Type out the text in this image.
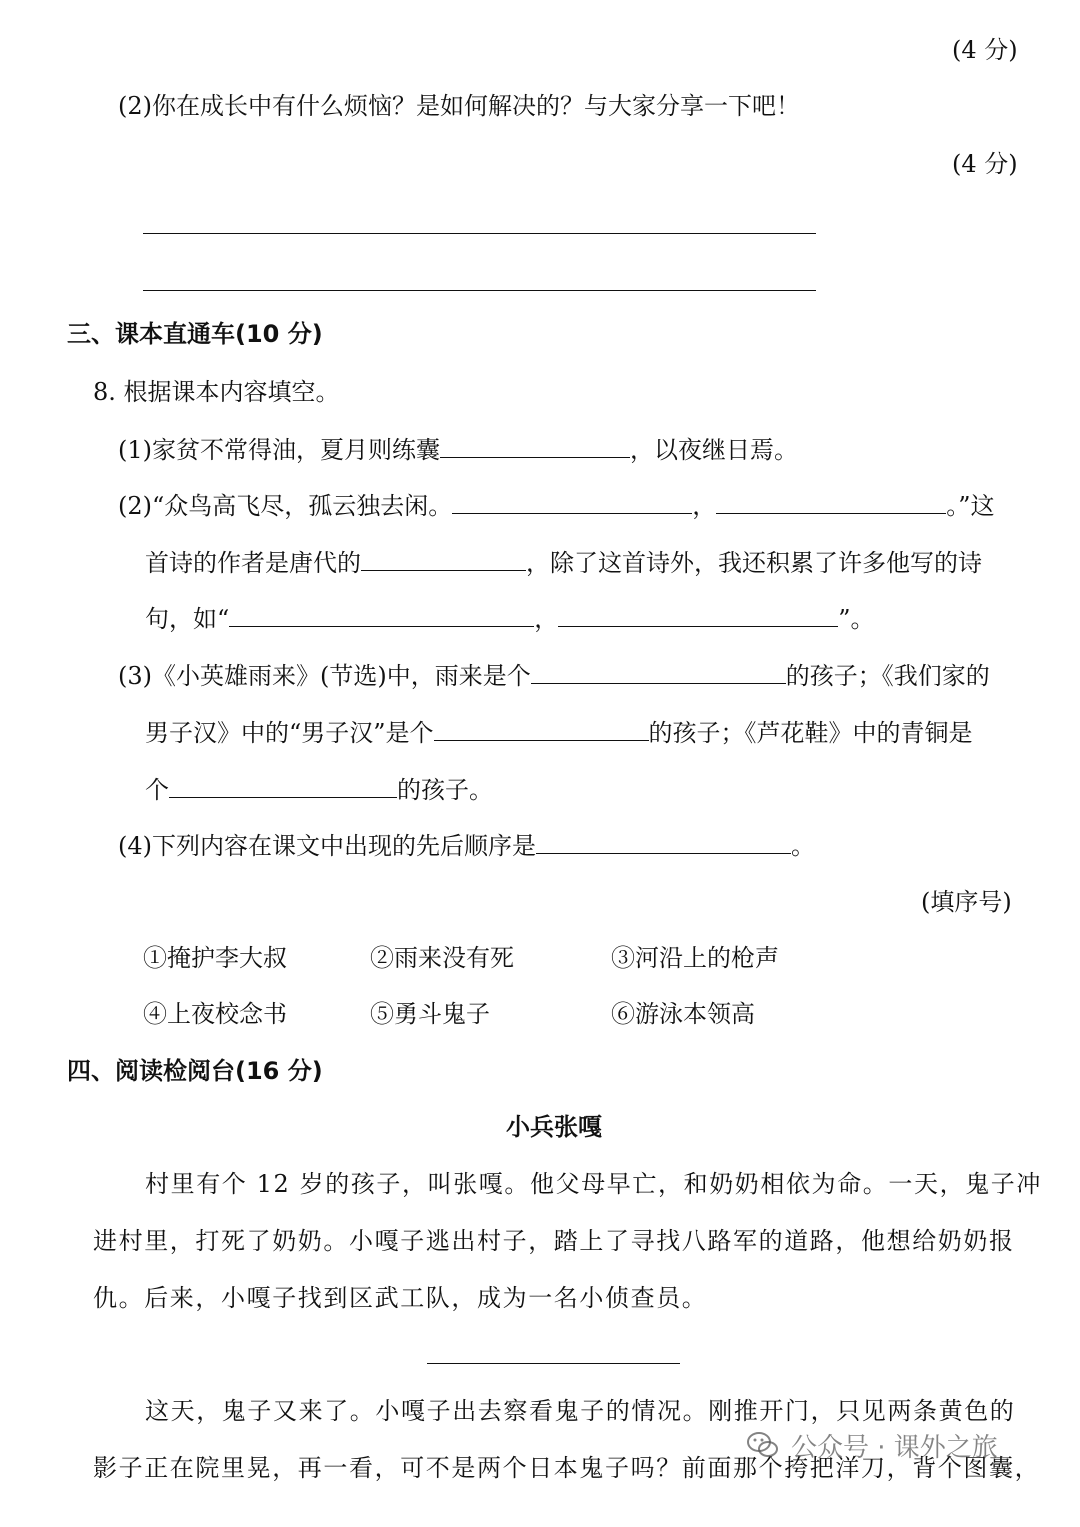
(4 分)
(2)你在成长中有什么烦恼？是如何解决的？与大家分享一下吧！
(4 分)
三、课本直通车(10 分)
8. 根据课本内容填空。
(1)家贫不常得油，夏月则练囊	，以夜继日焉。
(2)“众鸟高飞尽，孤云独去闲。	，	。”这
首诗的作者是唐代的	，除了这首诗外，我还积累了许多他写的诗
句，如“	，	”。
(3)《小英雄雨来》(节选)中，雨来是个	的孩子；《我们家的
男子汉》中的“男子汉”是个	的孩子；《芦花鞋》中的青铜是
个	的孩子。
(4)下列内容在课文中出现的先后顺序是	。
(填序号)
①掩护李大叔	②雨来没有死	③河沿上的枪声
④上夜校念书	⑤勇斗鬼子	⑥游泳本领高
四、阅读检阅台(16 分)
小兵张嘎
村里有个 12 岁的孩子，叫张嘎。他父母早亡，和奶奶相依为命。一天，鬼子冲
进村里，打死了奶奶。小嘎子逃出村子，踏上了寻找八路军的道路，他想给奶奶报
仇。后来，小嘎子找到区武工队，成为一名小侦查员。
这天，鬼子又来了。小嘎子出去察看鬼子的情况。刚推开门，只见两条黄色的
影子正在院里晃，再一看，可不是两个日本鬼子吗？前面那个挎把洋刀，背个图囊，
公众号 · 课外之旅
